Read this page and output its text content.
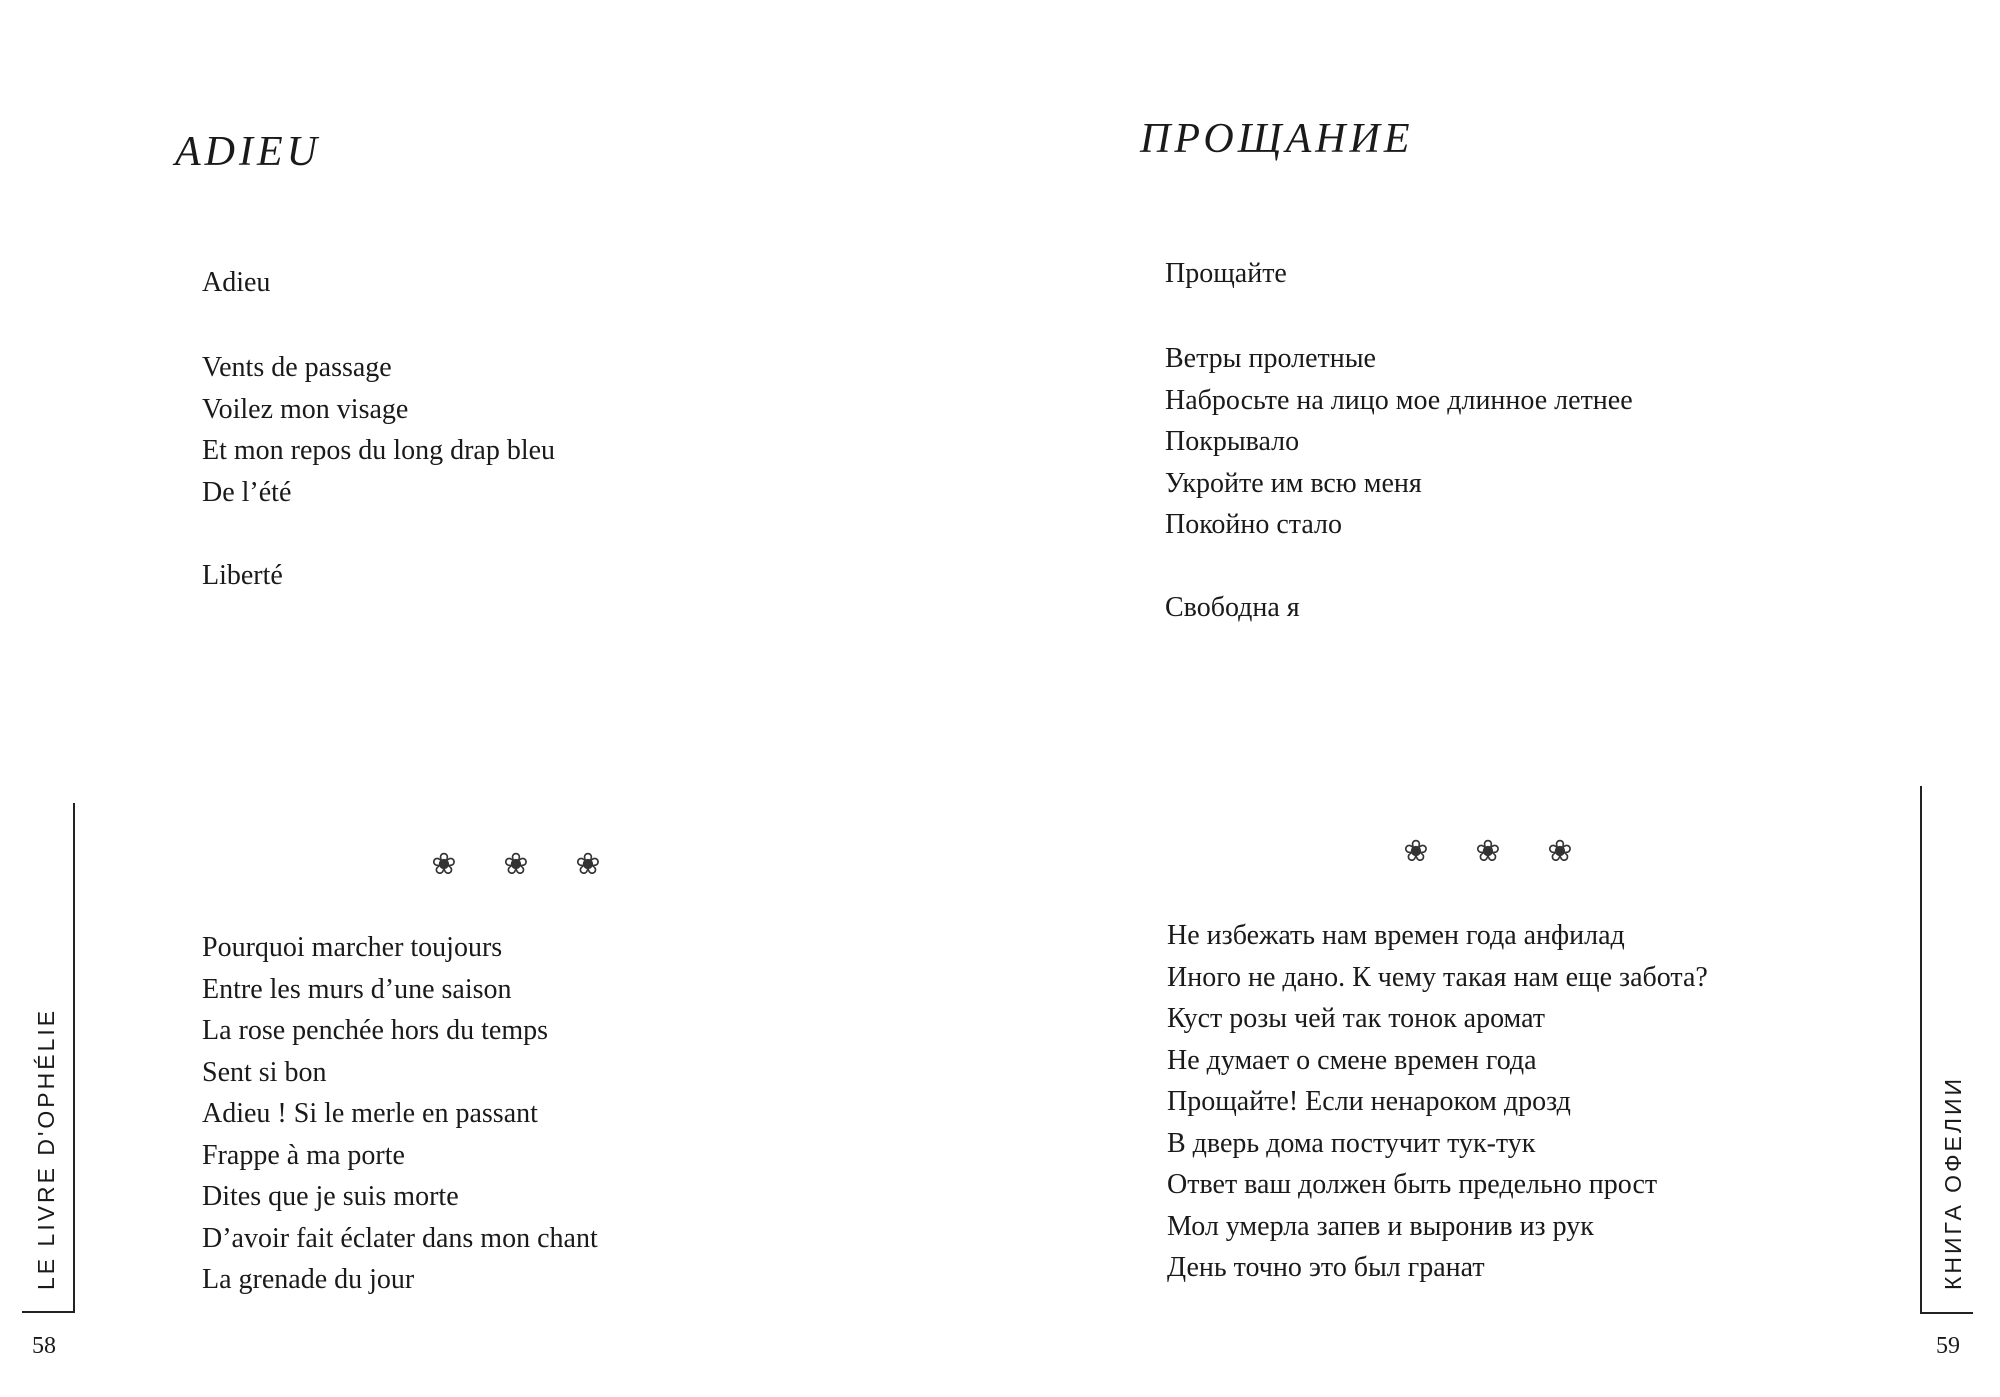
ADIEU
Adieu
Vents de passage
Voilez mon visage
Et mon repos du long drap bleu
De l’été
Liberté
❀ ❀ ❀
Pourquoi marcher toujours
Entre les murs d’une saison
La rose penchée hors du temps
Sent si bon
Adieu ! Si le merle en passant
Frappe à ma porte
Dites que je suis morte
D’avoir fait éclater dans mon chant
La grenade du jour
LE LIVRE D'OPHÉLIE
58
ПРОЩАНИЕ
Прощайте
Ветры пролетные
Набросьте на лицо мое длинное летнее
Покрывало
Укройте им всю меня
Покойно стало
Свободна я
❀ ❀ ❀
Не избежать нам времен года анфилад
Иного не дано. К чему такая нам еще забота?
Куст розы чей так тонок аромат
Не думает о смене времен года
Прощайте! Если ненароком дрозд
В дверь дома постучит тук-тук
Ответ ваш должен быть предельно прост
Мол умерла запев и выронив из рук
День точно это был гранат	КНИГА ОФЕЛИИ
59
